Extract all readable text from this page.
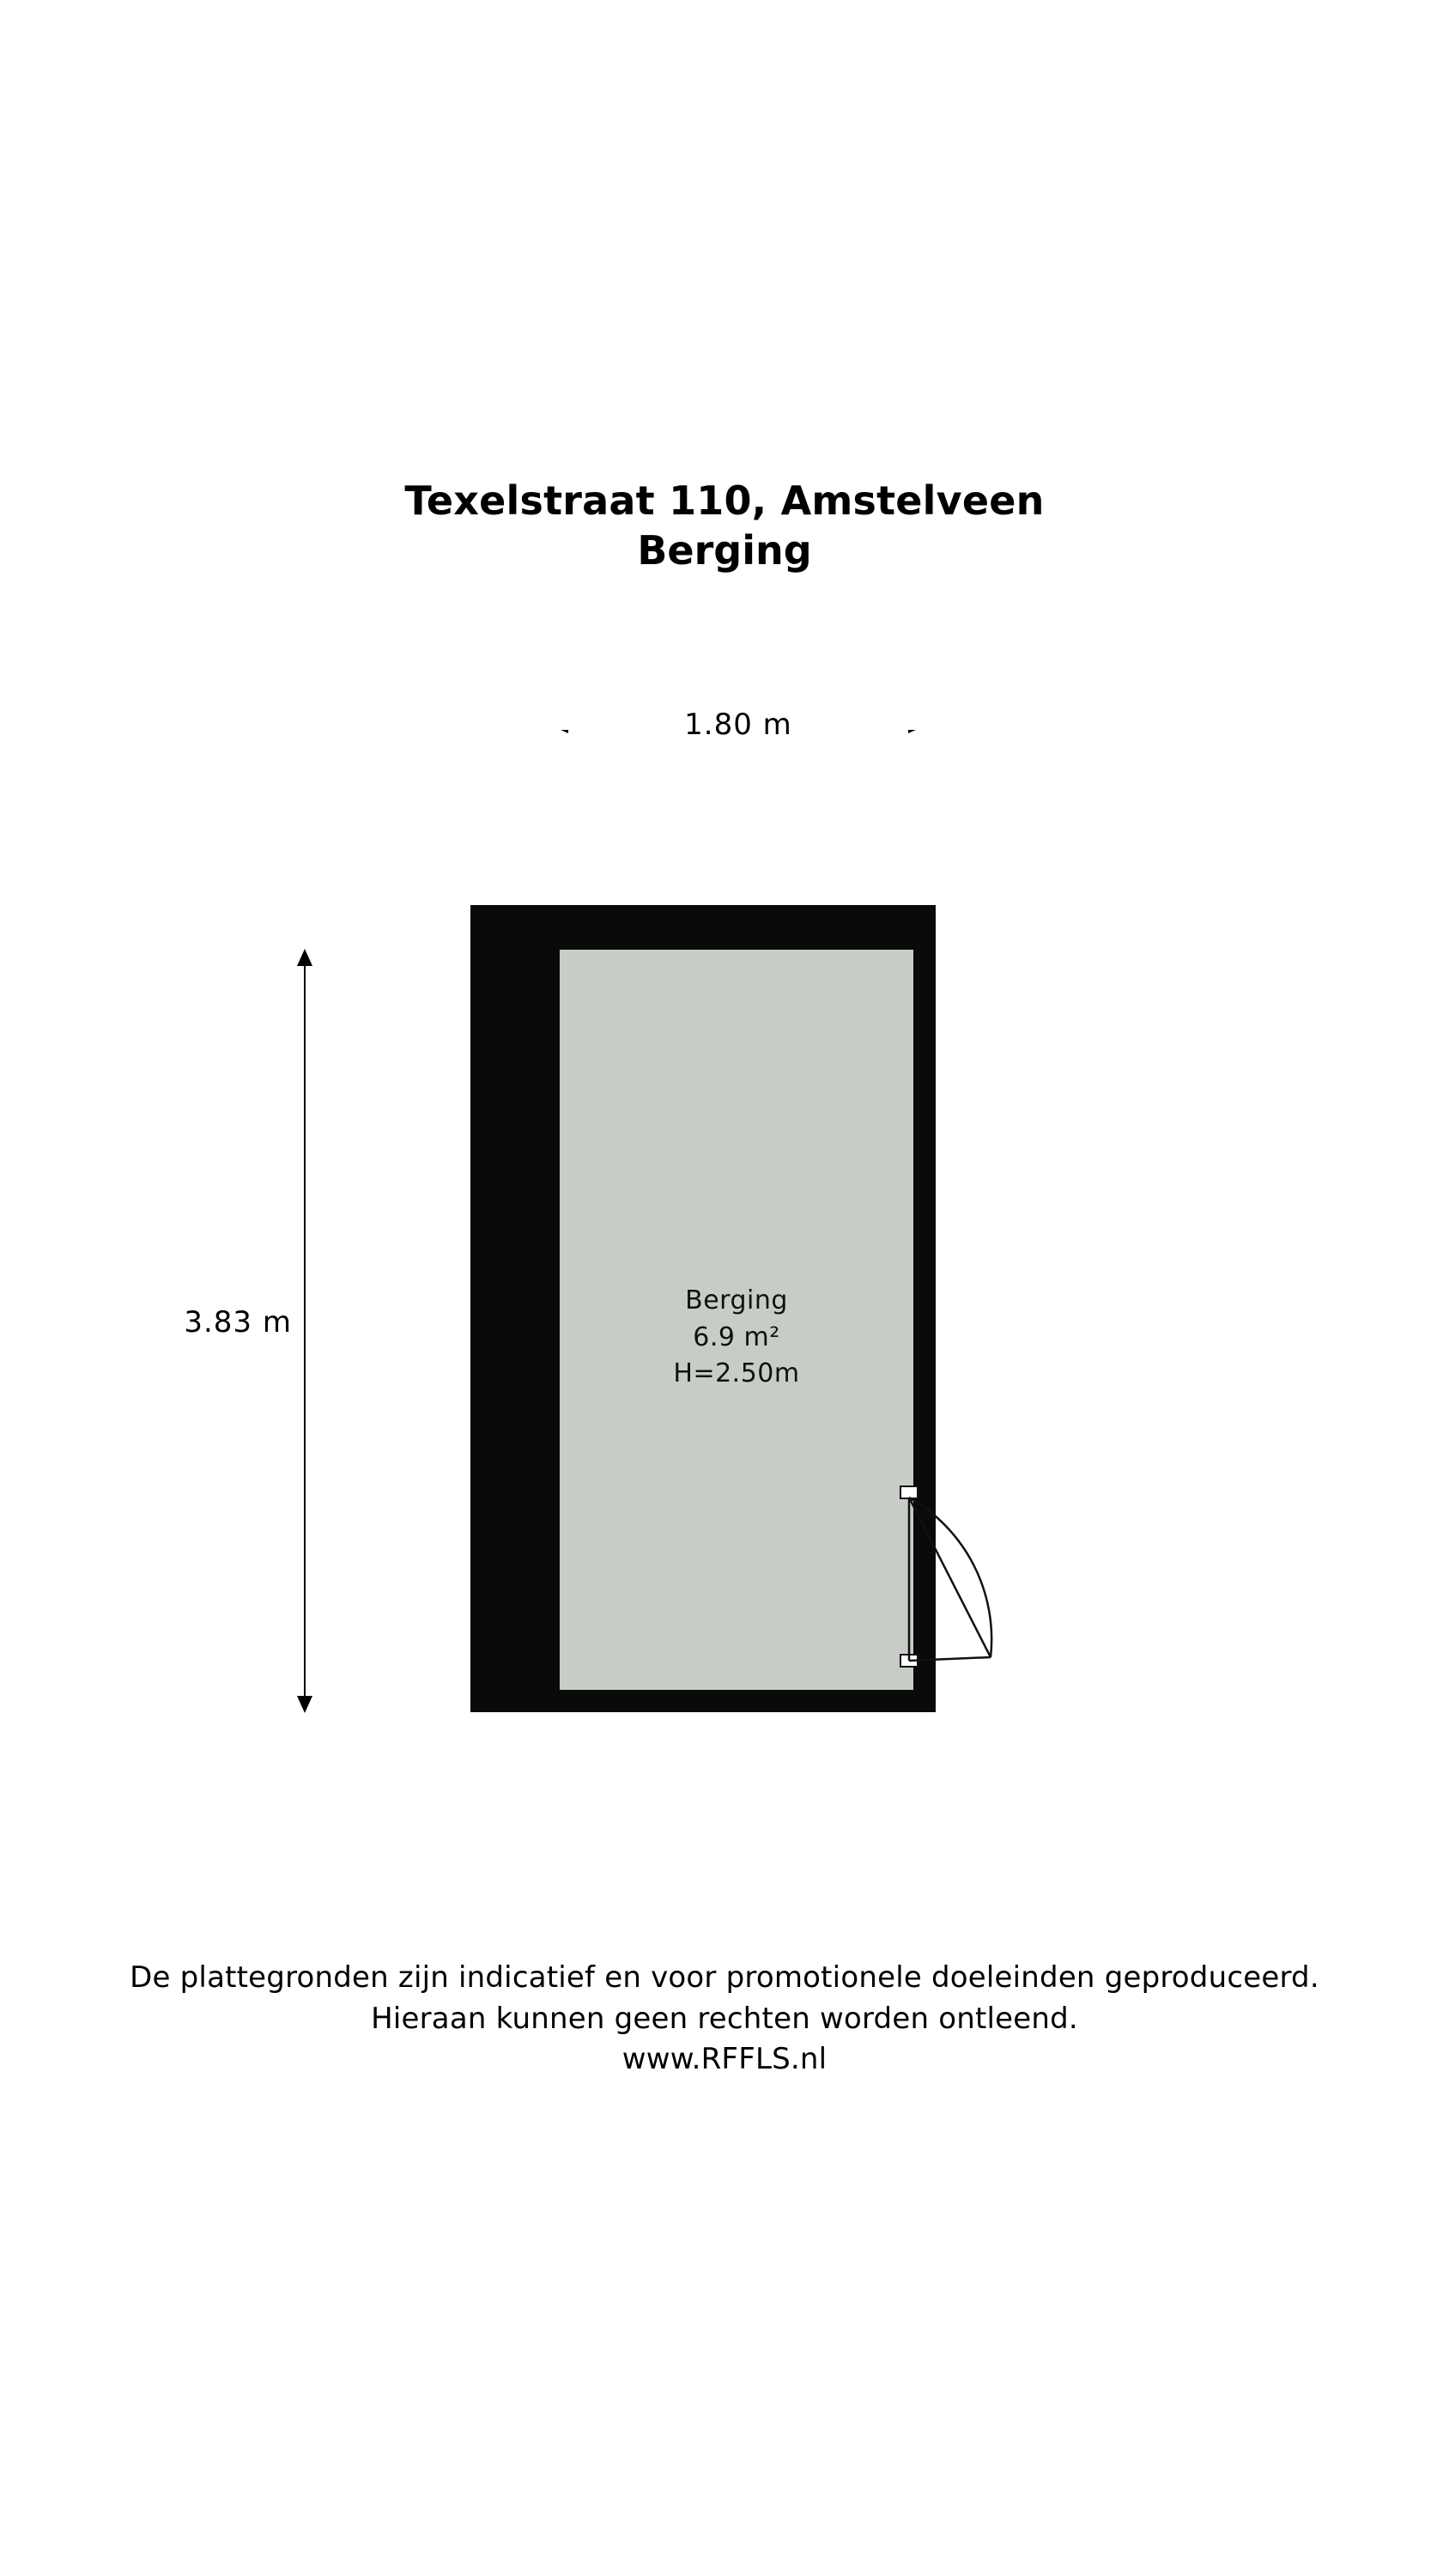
Texelstraat 110, Amstelveen
Berging
1.80 m
3.83 m
Berging
6.9 m²
H=2.50m
De plattegronden zijn indicatief en voor promotionele doeleinden geproduceerd.
Hieraan kunnen geen rechten worden ontleend.
www.RFFLS.nl
